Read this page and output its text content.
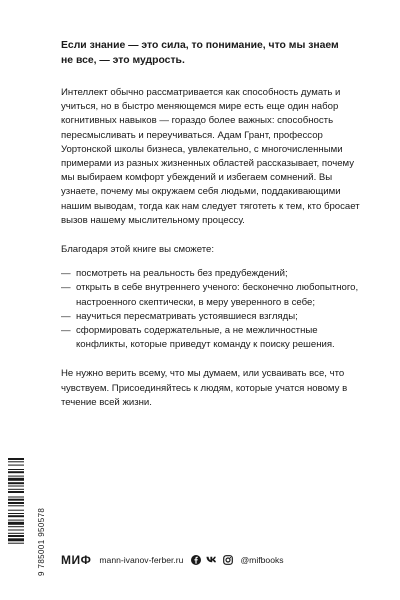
Если знание — это сила, то понимание, что мы знаем
не все, — это мудрость.

Интеллект обычно рассматривается как способность думать и учиться, но в быстро меняющемся мире есть еще один набор когнитивных навыков — гораздо более важных: способность пересмысливать и переучиваться. Адам Грант, профессор Уортонской школы бизнеса, увлекательно, с многочисленными примерами из разных жизненных областей рассказывает, почему мы выбираем комфорт убеждений и избегаем сомнений. Вы узнаете, почему мы окружаем себя людьми, поддакивающими нашим выводам, тогда как нам следует тяготеть к тем, кто бросает вызов нашему мыслительному процессу.

Благодаря этой книге вы сможете:

— посмотреть на реальность без предубеждений;
— открыть в себе внутреннего ученого: бесконечно любопытного, настроенного скептически, в меру уверенного в себе;
— научиться пересматривать устоявшиеся взгляды;
— сформировать содержательные, а не межличностные конфликты, которые приведут команду к поиску решения.

Не нужно верить всему, что мы думаем, или усваивать все, что чувствуем. Присоединяйтесь к людям, которые учатся новому в течение всей жизни.

9 785001 950578 МИФ mann-ivanov-ferber.ru	@mifbooks
